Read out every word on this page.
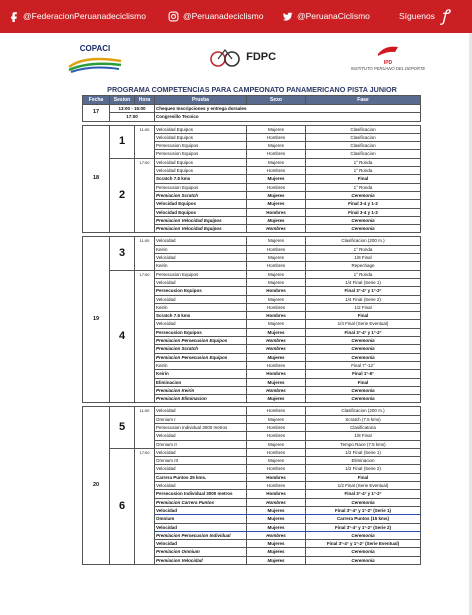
@FederacionPeruanadeciclismo	@Peruanadeciclismo	@PeruanaCiclismo	Síguenos ꝭ
COPACI
FDPC	IPD
INSTITUTO PERUANO DEL DEPORTE
PROGRAMA COMPETENCIAS PARA CAMPEONATO PANAMERICANO PISTA JUNIOR
Fecha	Sesion	Hora	Prueba	Sexo	Fase
17	13:00 - 15:00		Chequeo Inscripciones y entrega dorsales		
	17:00		Congresillo Tecnico		

18	1	11:00	Velocidad Equipos	Mujeres	Clasificacion
			Velocidad Equipos	Hombres	Clasificacion
			Persecusion Equipos	Mujeres	Clasificacion
			Persecusion Equipos	Hombres	Clasificacion
	2	17:00	Velocidad Equipos	Mujeres	1° Ronda
			Velocidad Equipos	Hombres	1° Ronda
			Scratch 7.5 kms	Mujeres	Final
			Persecusion Equipos	Hombres	1° Ronda
			Premiacion Scratch	Mujeres	Ceremonia
			Velocidad Equipos	Mujeres	Final 3-4 y 1-2
			Velocidad Equipos	Hombres	Final 3-4 y 1-2
			Premiacion Velocidad Equipos	Mujeres	Ceremonia
			Premiacion Velocidad Equipos	Hombres	Ceremonia

19	3	11:00	Velocidad	Mujeres	Clasificacion (200 m.)
			Keirin	Hombres	1° Ronda
			Velocidad	Mujeres	1/8 Final
			Keirin	Hombres	Repechage
	4	17:00	Persecusion Equipos	Mujeres	1° Ronda
			Velocidad	Mujeres	1/4 Final (Serie 1)
			Persecusion Equipos	Hombres	Final 3°-4° y 1°-2°
			Velocidad	Mujeres	1/4 Final (Serie 2)
			Keirin	Hombres	1/2 Final
			Scratch 7.5 kms	Hombres	Final
			Velocidad	Mujeres	1/4 Final (Serie Eventual)
			Persecusion Equipos	Mujeres	Final 3°-4° y 1°-2°
			Premiacion Persecusion Equipos	Hombres	Ceremonia
			Premiacion Scratch	Hombres	Ceremonia
			Premiacion Persecusion Equipos	Mujeres	Ceremonia
			Keirin	Hombres	Final 7°-12°
			Keirin	Hombres	Final 1°-6°
			Eliminacion	Mujeres	Final
			Premiacion Keirin	Hombres	Ceremonia
			Premiacion Eliminacion	Mujeres	Ceremonia

20	5	11:00	Velocidad	Hombres	Clasificacion (200 m.)
			Omnium I	Mujeres	Scratch (7.5 kms)
			Persecusion Individual 3000 metros	Hombres	Clasificatoria
			Velocidad	Hombres	1/8 Final
			Omnium II	Mujeres	Tempo Race (7.5 kms)
	6	17:00	Velocidad	Hombres	1/2 Final (Serie 1)
			Omnium III	Mujeres	Eliminacion
			Velocidad	Hombres	1/2 Final (Serie 2)
			Carrera Puntos 25 kms.	Hombres	Final
			Velocidad	Hombres	1/2 Final (Serie Eventual)
			Persecusion Individual 3000 metros	Hombres	Final 3°-4° y 1°-2°
			Premiacion Carrera Puntos	Hombres	Ceremonia
			Velocidad	Mujeres	Final 3°-4° y 1°-2° (Serie 1)
			Omnium	Mujeres	Carrera Puntos (15 kms)
			Velocidad	Mujeres	Final 3°-4° y 1°-2° (Serie 2)
			Premiacion Persecusion Individual	Hombres	Ceremonia
			Velocidad	Mujeres	Final 3°-4° y 1°-2° (Serie Eventual)
			Premiacion Omnium	Mujeres	Ceremonia
			Premiacion Velocidad	Mujeres	Ceremonia
